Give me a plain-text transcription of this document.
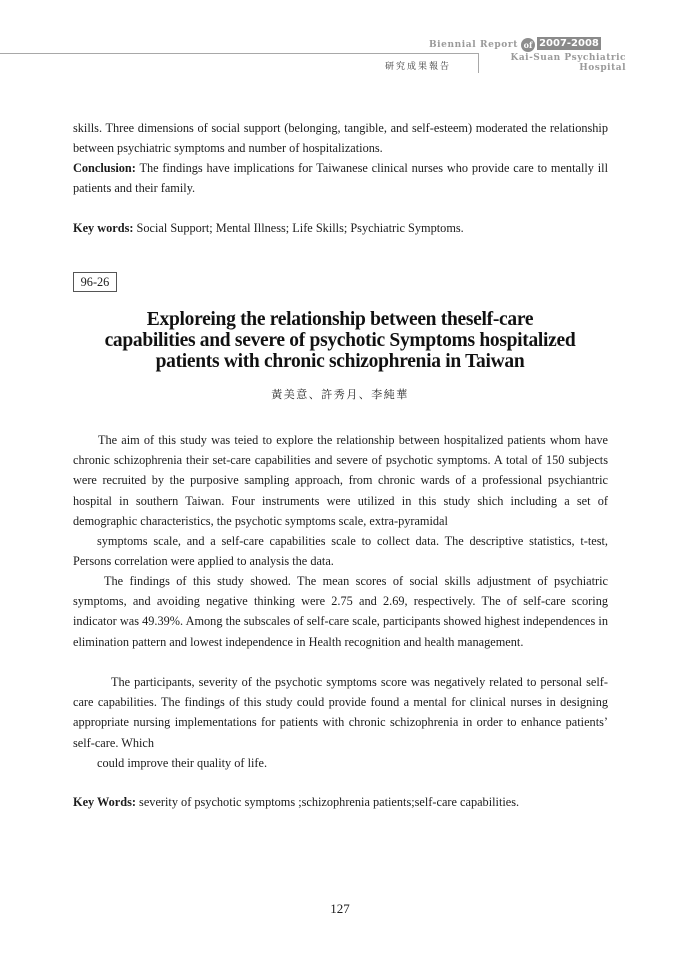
Biennial Report of 2007-2008
Kai-Suan Psychiatric Hospital
研究成果報告
skills. Three dimensions of social support (belonging, tangible, and self-esteem) moderated the relationship between psychiatric symptoms and number of hospitalizations.
Conclusion: The findings have implications for Taiwanese clinical nurses who provide care to mentally ill patients and their family.
Key words: Social Support; Mental Illness; Life Skills; Psychiatric Symptoms.
96-26
Exploreing the relationship between theself-care
capabilities and severe of psychotic Symptoms hospitalized
patients with chronic schizophrenia in Taiwan
黃美意、許秀月、李純華
The aim of this study was teied to explore the relationship between hospitalized patients whom have chronic schizophrenia their set-care capabilities and severe of psychotic symptoms. A total of 150 subjects were recruited by the purposive sampling approach, from chronic wards of a professional psychiantric hospital in southern Taiwan. Four instruments were utilized in this study shich including a set of demographic characteristics, the psychotic symptoms scale, extra-pyramidal
symptoms scale, and a self-care capabilities scale to collect data. The descriptive statistics, t-test, Persons correlation were applied to analysis the data.
The findings of this study showed. The mean scores of social skills adjustment of psychiatric symptoms, and avoiding negative thinking were 2.75 and 2.69, respectively. The of self-care scoring indicator was 49.39%. Among the subscales of self-care scale, participants showed highest independences in elimination pattern and lowest independence in Health recognition and health management.
The participants, severity of the psychotic symptoms score was negatively related to personal self-care capabilities. The findings of this study could provide found a mental for clinical nurses in designing appropriate nursing implementations for patients with chronic schizophrenia in order to enhance patients’ self-care. Which
could improve their quality of life.
Key Words: severity of psychotic symptoms ;schizophrenia patients;self-care capabilities.
127
